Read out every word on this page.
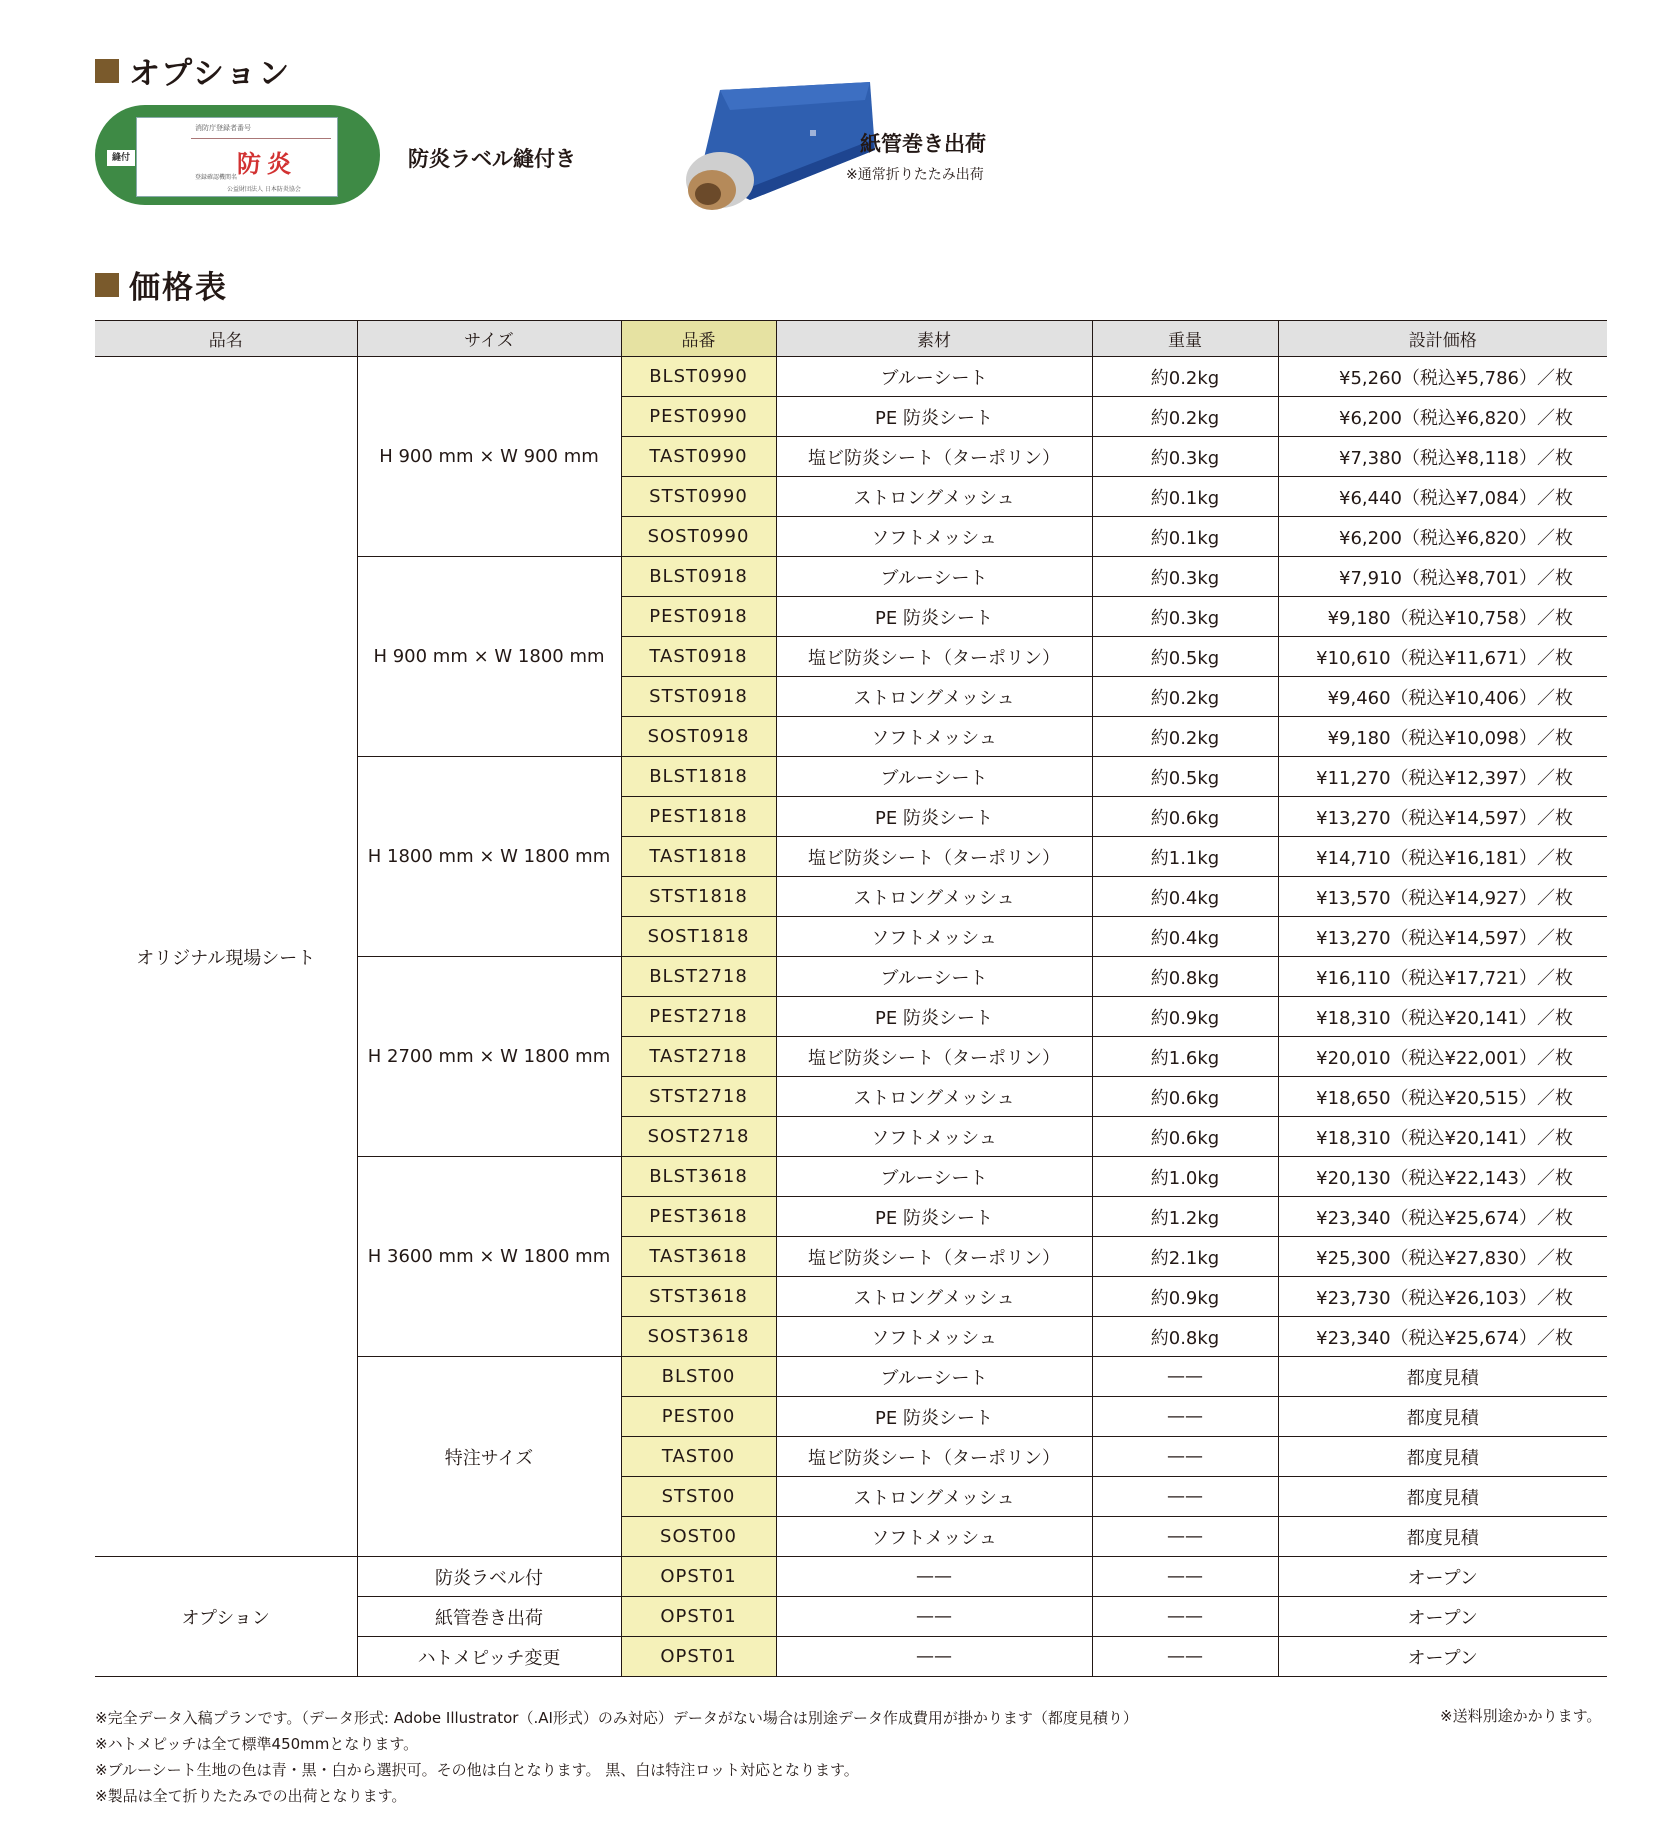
オプション
縫付
消防庁登録者番号
防炎
登録確認機関名
公益財団法人 日本防炎協会
防炎ラベル縫付き
紙管巻き出荷
※通常折りたたみ出荷
価格表
品名	サイズ	品番	素材	重量	設計価格
オリジナル現場シート	H 900 mm × W 900 mm	BLST0990	ブルーシート	約0.2kg	¥5,260（税込¥5,786）／枚
		PEST0990	PE 防炎シート	約0.2kg	¥6,200（税込¥6,820）／枚
		TAST0990	塩ビ防炎シート（ターポリン）	約0.3kg	¥7,380（税込¥8,118）／枚
		STST0990	ストロングメッシュ	約0.1kg	¥6,440（税込¥7,084）／枚
		SOST0990	ソフトメッシュ	約0.1kg	¥6,200（税込¥6,820）／枚
	H 900 mm × W 1800 mm	BLST0918	ブルーシート	約0.3kg	¥7,910（税込¥8,701）／枚
		PEST0918	PE 防炎シート	約0.3kg	¥9,180（税込¥10,758）／枚
		TAST0918	塩ビ防炎シート（ターポリン）	約0.5kg	¥10,610（税込¥11,671）／枚
		STST0918	ストロングメッシュ	約0.2kg	¥9,460（税込¥10,406）／枚
		SOST0918	ソフトメッシュ	約0.2kg	¥9,180（税込¥10,098）／枚
	H 1800 mm × W 1800 mm	BLST1818	ブルーシート	約0.5kg	¥11,270（税込¥12,397）／枚
		PEST1818	PE 防炎シート	約0.6kg	¥13,270（税込¥14,597）／枚
		TAST1818	塩ビ防炎シート（ターポリン）	約1.1kg	¥14,710（税込¥16,181）／枚
		STST1818	ストロングメッシュ	約0.4kg	¥13,570（税込¥14,927）／枚
		SOST1818	ソフトメッシュ	約0.4kg	¥13,270（税込¥14,597）／枚
	H 2700 mm × W 1800 mm	BLST2718	ブルーシート	約0.8kg	¥16,110（税込¥17,721）／枚
		PEST2718	PE 防炎シート	約0.9kg	¥18,310（税込¥20,141）／枚
		TAST2718	塩ビ防炎シート（ターポリン）	約1.6kg	¥20,010（税込¥22,001）／枚
		STST2718	ストロングメッシュ	約0.6kg	¥18,650（税込¥20,515）／枚
		SOST2718	ソフトメッシュ	約0.6kg	¥18,310（税込¥20,141）／枚
	H 3600 mm × W 1800 mm	BLST3618	ブルーシート	約1.0kg	¥20,130（税込¥22,143）／枚
		PEST3618	PE 防炎シート	約1.2kg	¥23,340（税込¥25,674）／枚
		TAST3618	塩ビ防炎シート（ターポリン）	約2.1kg	¥25,300（税込¥27,830）／枚
		STST3618	ストロングメッシュ	約0.9kg	¥23,730（税込¥26,103）／枚
		SOST3618	ソフトメッシュ	約0.8kg	¥23,340（税込¥25,674）／枚
	特注サイズ	BLST00	ブルーシート	——	都度見積
		PEST00	PE 防炎シート	——	都度見積
		TAST00	塩ビ防炎シート（ターポリン）	——	都度見積
		STST00	ストロングメッシュ	——	都度見積
		SOST00	ソフトメッシュ	——	都度見積
オプション	防炎ラベル付	OPST01	——	——	オープン
	紙管巻き出荷	OPST01	——	——	オープン
	ハトメピッチ変更	OPST01	——	——	オープン
※完全データ入稿プランです。（データ形式: Adobe Illustrator（.AI形式）のみ対応）データがない場合は別途データ作成費用が掛かります（都度見積り）
※ハトメピッチは全て標準450mmとなります。
※ブルーシート生地の色は青・黒・白から選択可。その他は白となります。 黒、白は特注ロット対応となります。
※製品は全て折りたたみでの出荷となります。
※送料別途かかります。
